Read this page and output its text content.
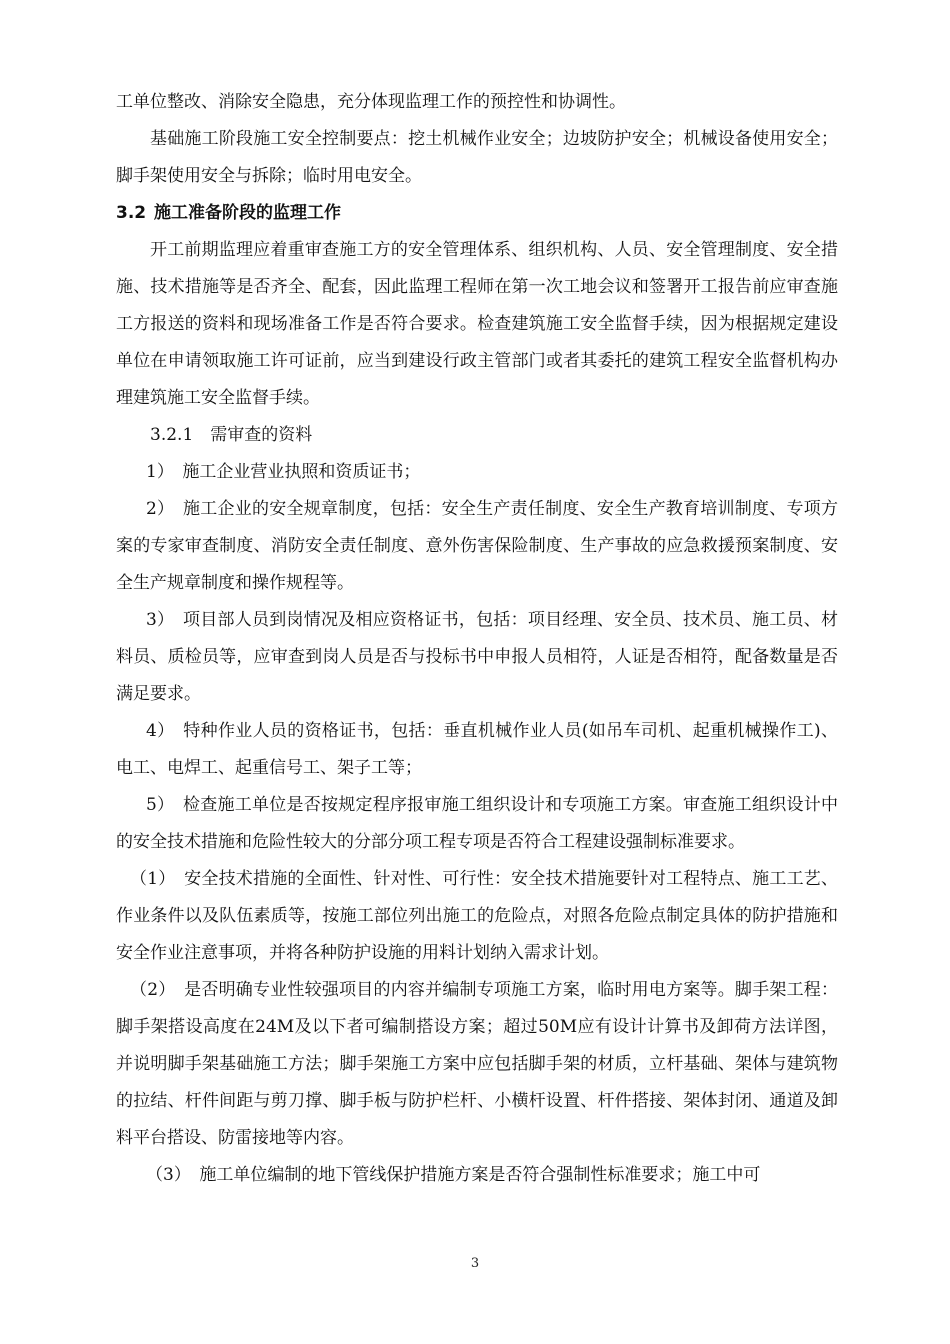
工单位整改、消除安全隐患，充分体现监理工作的预控性和协调性。

基础施工阶段施工安全控制要点：挖土机械作业安全；边坡防护安全；机械设备使用安全；脚手架使用安全与拆除；临时用电安全。

3.2 施工准备阶段的监理工作

开工前期监理应着重审查施工方的安全管理体系、组织机构、人员、安全管理制度、安全措施、技术措施等是否齐全、配套，因此监理工程师在第一次工地会议和签署开工报告前应审查施工方报送的资料和现场准备工作是否符合要求。检查建筑施工安全监督手续，因为根据规定建设单位在申请领取施工许可证前，应当到建设行政主管部门或者其委托的建筑工程安全监督机构办理建筑施工安全监督手续。

3.2.1　需审查的资料

1）　施工企业营业执照和资质证书；

2）　施工企业的安全规章制度，包括：安全生产责任制度、安全生产教育培训制度、专项方案的专家审查制度、消防安全责任制度、意外伤害保险制度、生产事故的应急救援预案制度、安全生产规章制度和操作规程等。

3）　项目部人员到岗情况及相应资格证书，包括：项目经理、安全员、技术员、施工员、材料员、质检员等，应审查到岗人员是否与投标书中申报人员相符，人证是否相符，配备数量是否满足要求。

4）　特种作业人员的资格证书，包括：垂直机械作业人员(如吊车司机、起重机械操作工)、电工、电焊工、起重信号工、架子工等；

5）　检查施工单位是否按规定程序报审施工组织设计和专项施工方案。审查施工组织设计中的安全技术措施和危险性较大的分部分项工程专项是否符合工程建设强制标准要求。

（1）　安全技术措施的全面性、针对性、可行性：安全技术措施要针对工程特点、施工工艺、作业条件以及队伍素质等，按施工部位列出施工的危险点，对照各危险点制定具体的防护措施和安全作业注意事项，并将各种防护设施的用料计划纳入需求计划。

（2）　是否明确专业性较强项目的内容并编制专项施工方案，临时用电方案等。脚手架工程：脚手架搭设高度在24M及以下者可编制搭设方案；超过50M应有设计计算书及卸荷方法详图，并说明脚手架基础施工方法；脚手架施工方案中应包括脚手架的材质，立杆基础、架体与建筑物的拉结、杆件间距与剪刀撑、脚手板与防护栏杆、小横杆设置、杆件搭接、架体封闭、通道及卸料平台搭设、防雷接地等内容。

（3）　施工单位编制的地下管线保护措施方案是否符合强制性标准要求；施工中可

3
